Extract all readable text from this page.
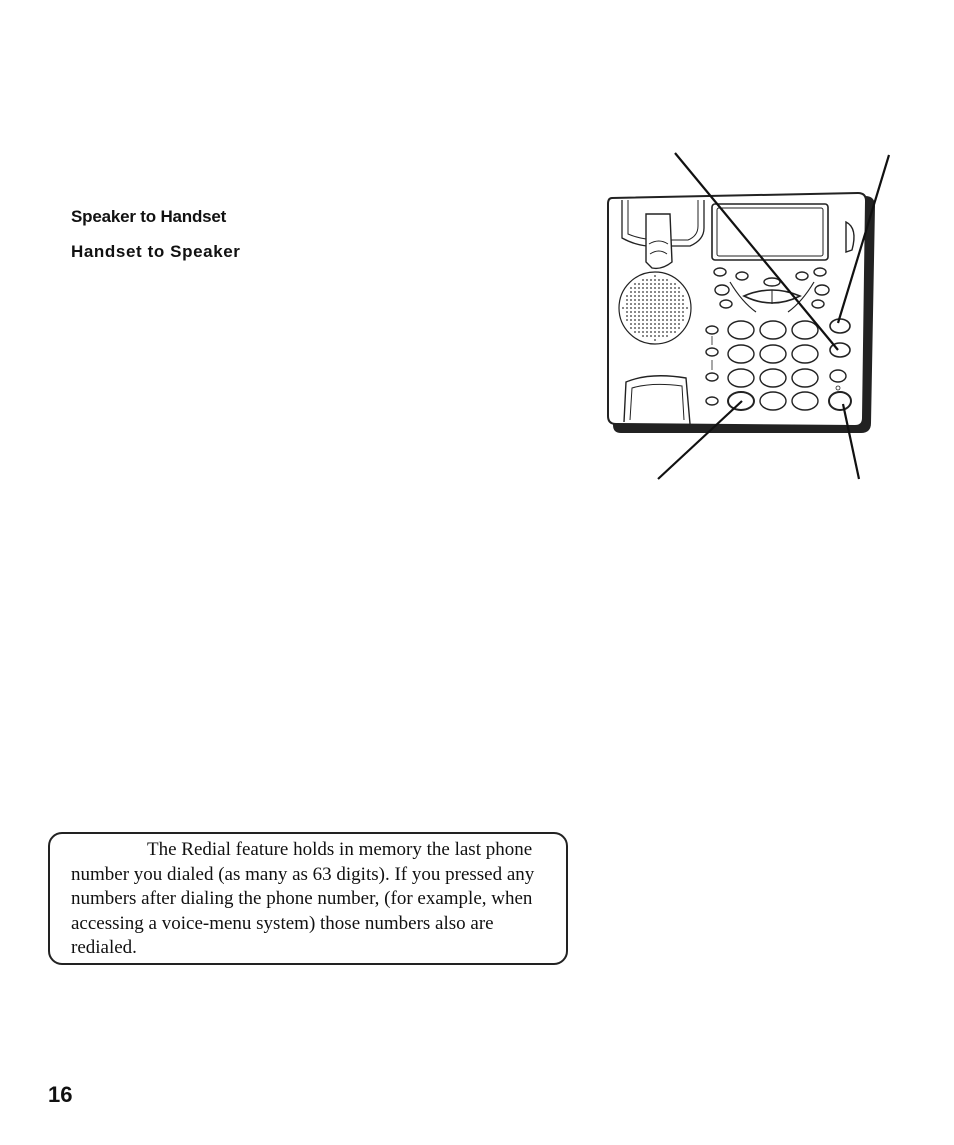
Speaker to Handset
Handset to Speaker

The Redial feature holds in memory the last phone number you dialed (as many as 63 digits). If you pressed any numbers after dialing the phone number, (for example, when accessing a voice-menu system) those numbers also are redialed.

16
